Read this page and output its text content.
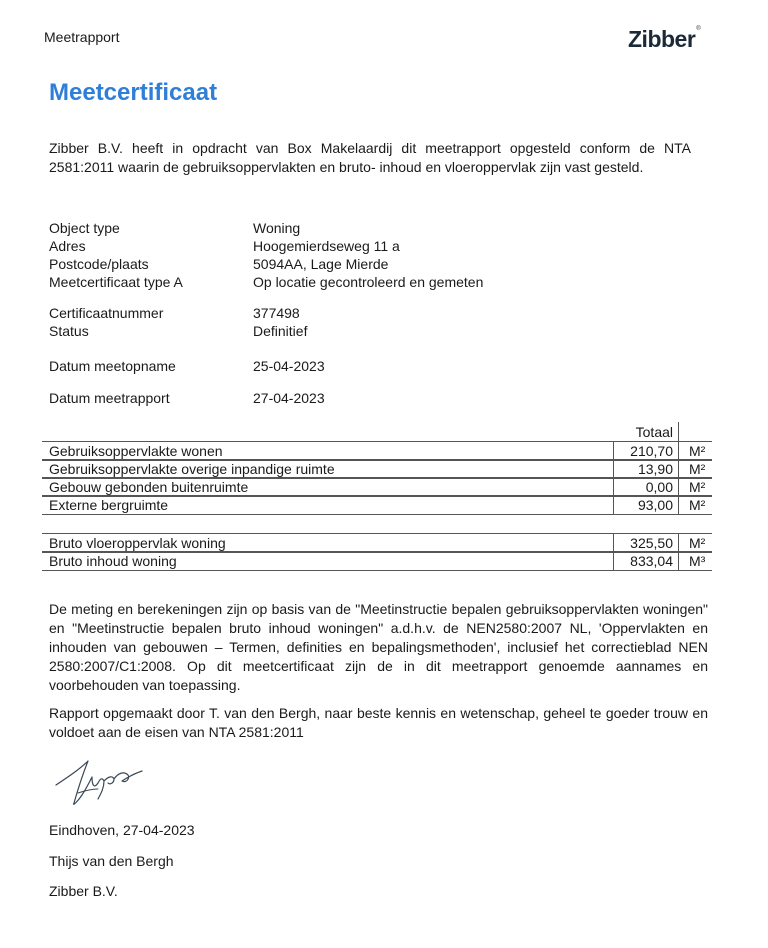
Meetrapport	Zibber®
Meetcertificaat
Zibber B.V. heeft in opdracht van Box Makelaardij dit meetrapport opgesteld conform de NTA 2581:2011 waarin de gebruiksoppervlakten en bruto- inhoud en vloeroppervlak zijn vast gesteld.
Object type	Woning
Adres	Hoogemierdseweg 11 a
Postcode/plaats	5094AA, Lage Mierde
Meetcertificaat type A	Op locatie gecontroleerd en gemeten
Certificaatnummer	377498
Status	Definitief
Datum meetopname	25-04-2023
Datum meetrapport	27-04-2023
Totaal
Gebruiksoppervlakte wonen	210,70 M²
Gebruiksoppervlakte overige inpandige ruimte	13,90 M²
Gebouw gebonden buitenruimte	0,00 M²
Externe bergruimte	93,00 M²
Bruto vloeroppervlak woning	325,50 M²
Bruto inhoud woning	833,04 M³
De meting en berekeningen zijn op basis van de "Meetinstructie bepalen gebruiksoppervlakten woningen" en "Meetinstructie bepalen bruto inhoud woningen" a.d.h.v. de NEN2580:2007 NL, 'Oppervlakten en inhouden van gebouwen – Termen, definities en bepalingsmethoden', inclusief het correctieblad NEN 2580:2007/C1:2008. Op dit meetcertificaat zijn de in dit meetrapport genoemde aannames en voorbehouden van toepassing.
Rapport opgemaakt door T. van den Bergh, naar beste kennis en wetenschap, geheel te goeder trouw en voldoet aan de eisen van NTA 2581:2011
Eindhoven, 27-04-2023
Thijs van den Bergh
Zibber B.V.
